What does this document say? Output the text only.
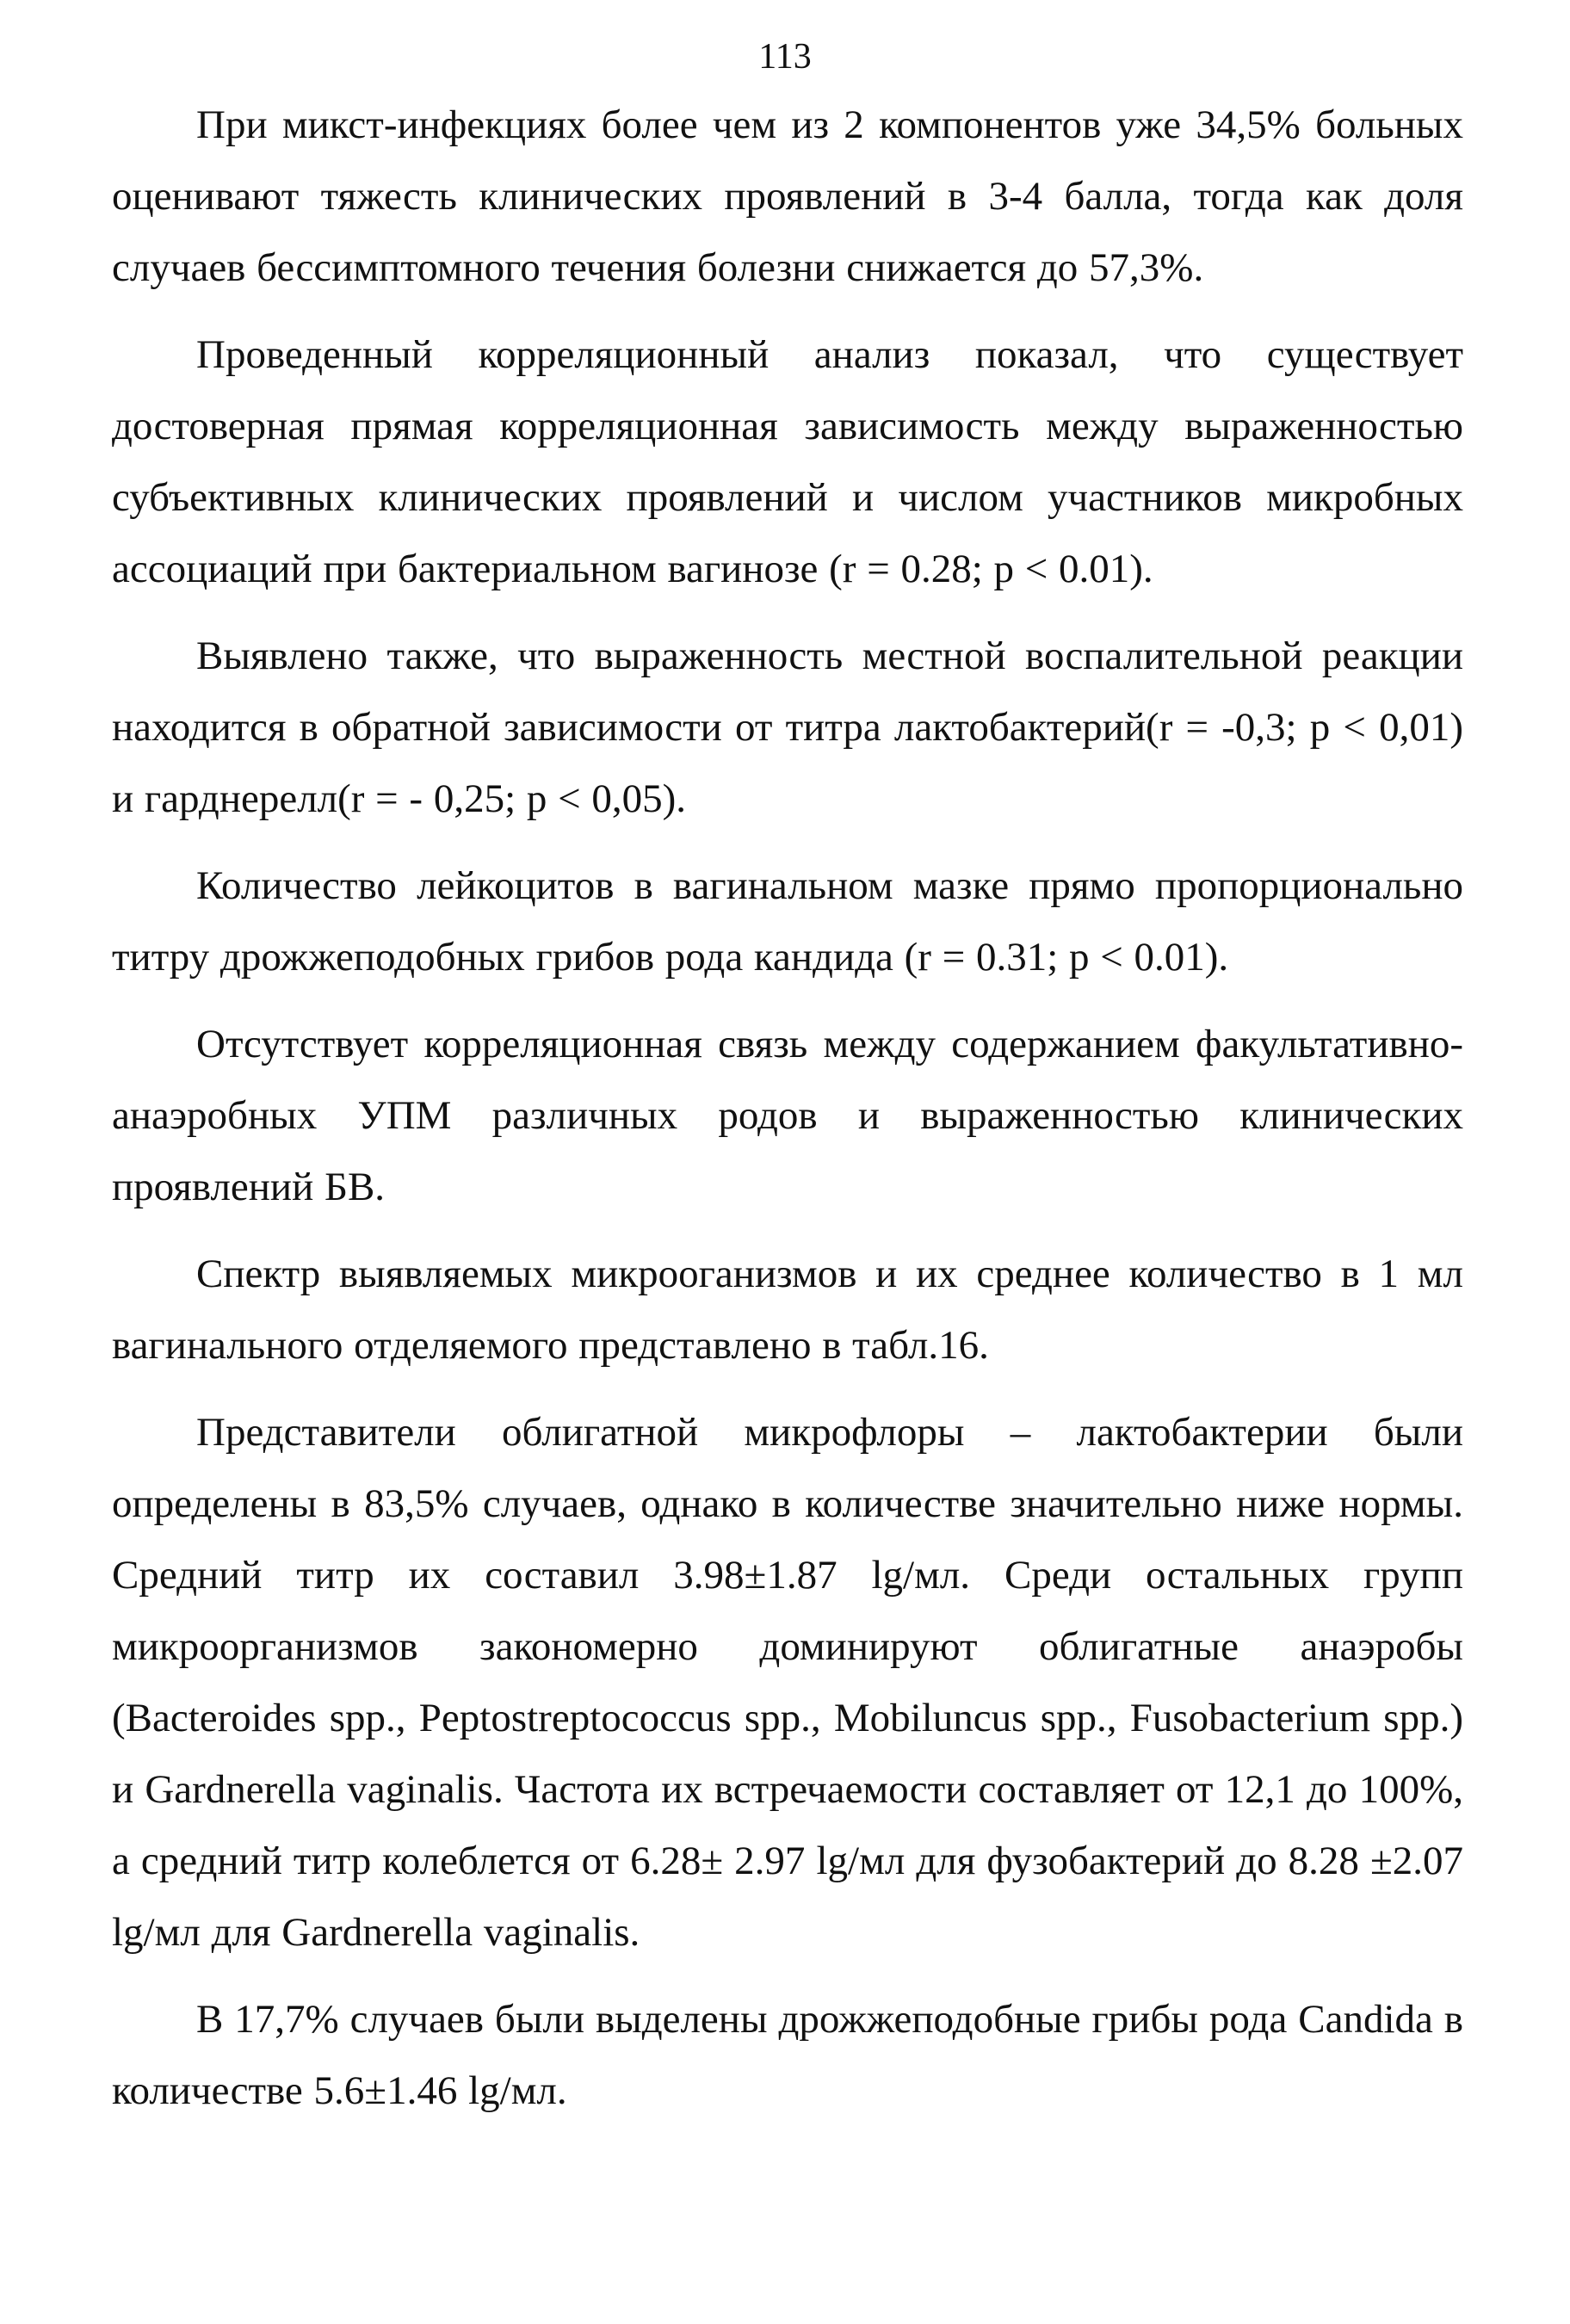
113

При микст-инфекциях более чем из 2 компонентов уже 34,5% больных оценивают тяжесть клинических проявлений в 3-4 балла, тогда как доля случаев бессимптомного течения болезни снижается до 57,3%.

Проведенный корреляционный анализ показал, что существует достоверная прямая корреляционная зависимость между выраженностью субъективных клинических проявлений и числом участников микробных ассоциаций при бактериальном вагинозе (r = 0.28; p < 0.01).

Выявлено также, что выраженность местной воспалительной реакции находится в обратной зависимости от титра лактобактерий(r = -0,3; p < 0,01) и гарднерелл(r = - 0,25; p < 0,05).

Количество лейкоцитов в вагинальном мазке прямо пропорционально титру дрожжеподобных грибов рода кандида (r = 0.31; p < 0.01).

Отсутствует корреляционная связь между содержанием факультативно-анаэробных УПМ различных родов и выраженностью клинических проявлений БВ.

Спектр выявляемых микрооганизмов и их среднее количество в 1 мл вагинального отделяемого представлено в табл.16.

Представители облигатной микрофлоры – лактобактерии были определены в 83,5% случаев, однако в количестве значительно ниже нормы. Средний титр их составил 3.98±1.87 lg/мл. Среди остальных групп микроорганизмов закономерно доминируют облигатные анаэробы (Bacteroides spp., Peptostreptococcus spp., Mobiluncus spp., Fusobacterium spp.) и Gardnerella vaginalis. Частота их встречаемости составляет от 12,1 до 100%, а средний титр колеблется от 6.28± 2.97 lg/мл для фузобактерий до 8.28 ±2.07 lg/мл для Gardnerella vaginalis.

В 17,7% случаев были выделены дрожжеподобные грибы рода Candida в количестве 5.6±1.46 lg/мл.
